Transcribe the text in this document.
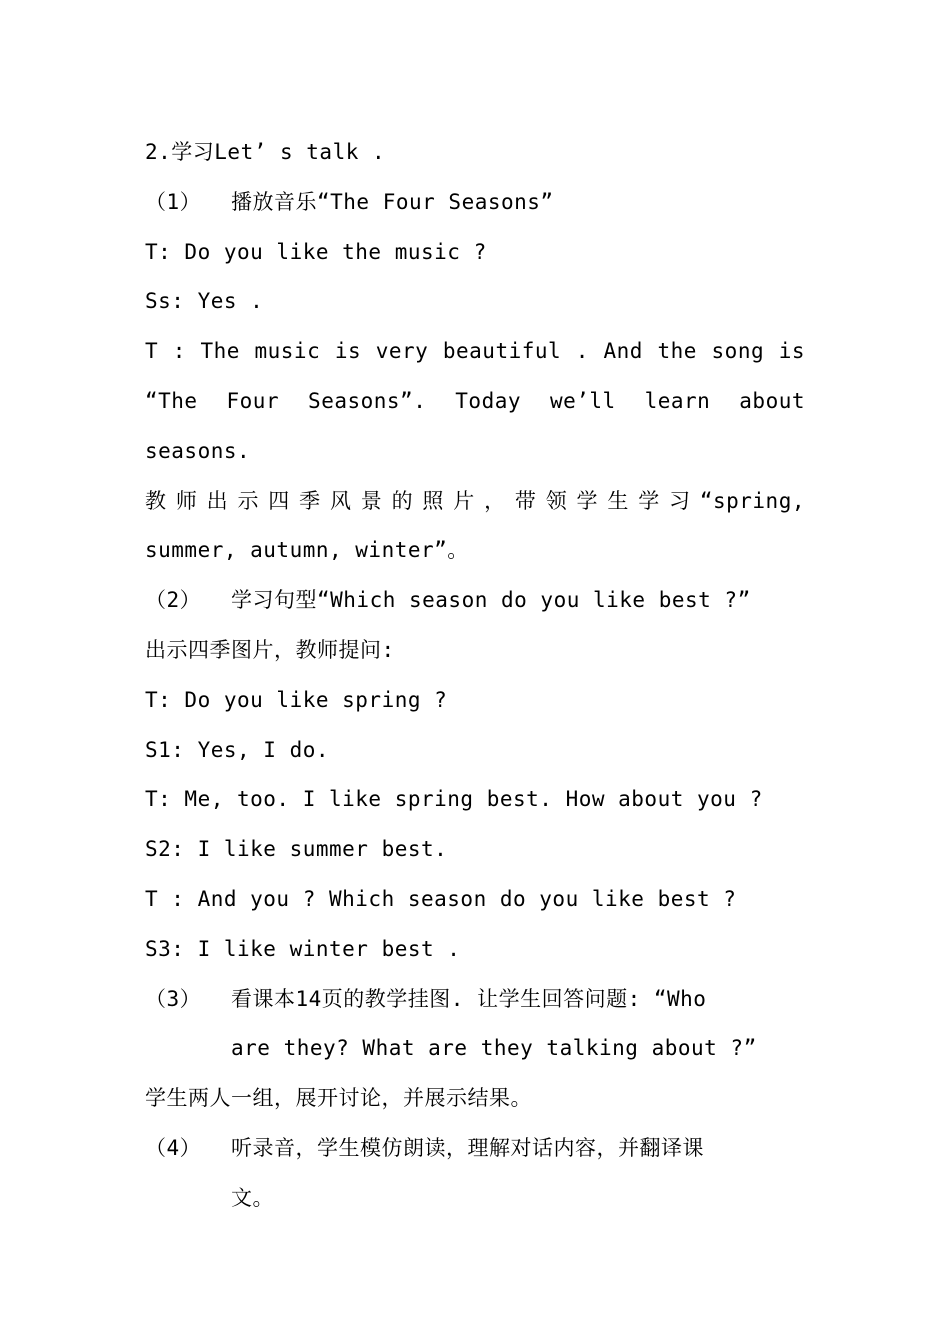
2.学习Let’ s talk .
（1） 播放音乐“The Four Seasons”
T: Do you like the music ?
Ss: Yes .
T : The music is very beautiful . And the song is
“The Four Seasons”. Today we’ll learn about
seasons.
教师出示四季风景的照片，带领学生学习“spring,
summer, autumn, winter”。
（2） 学习句型“Which season do you like best ?”
出示四季图片，教师提问:
T: Do you like spring ?
S1: Yes, I do.
T: Me, too. I like spring best. How about you ?
S2: I like summer best.
T : And you ? Which season do you like best ?
S3: I like winter best .
（3） 看课本14页的教学挂图. 让学生回答问题: “Who
are they? What are they talking about ?”
学生两人一组，展开讨论，并展示结果。
（4） 听录音，学生模仿朗读，理解对话内容，并翻译课
文。
